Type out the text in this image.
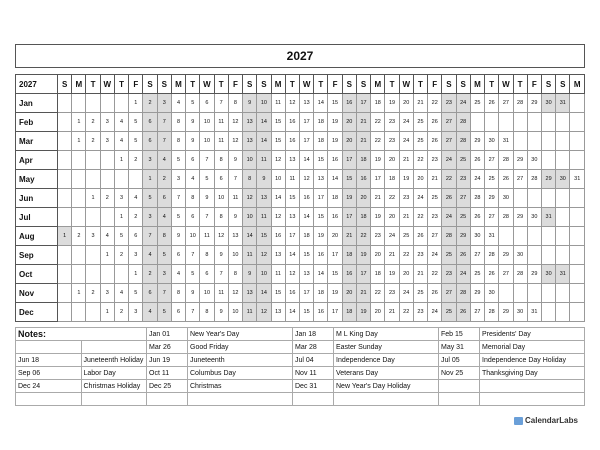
2027
2027	S	M	T	W	T	F	S	S	M	T	W	T	F	S	S	M	T	W	T	F	S	S	M	T	W	T	F	S	S	M	T	W	T	F	S	S	M
Jan						1	2	3	4	5	6	7	8	9	10	11	12	13	14	15	16	17	18	19	20	21	22	23	24	25	26	27	28	29	30	31	
Feb		1	2	3	4	5	6	7	8	9	10	11	12	13	14	15	16	17	18	19	20	21	22	23	24	25	26	27	28								
Mar		1	2	3	4	5	6	7	8	9	10	11	12	13	14	15	16	17	18	19	20	21	22	23	24	25	26	27	28	29	30	31					
Apr					1	2	3	4	5	6	7	8	9	10	11	12	13	14	15	16	17	18	19	20	21	22	23	24	25	26	27	28	29	30			
May							1	2	3	4	5	6	7	8	9	10	11	12	13	14	15	16	17	18	19	20	21	22	23	24	25	26	27	28	29	30	31
Jun			1	2	3	4	5	6	7	8	9	10	11	12	13	14	15	16	17	18	19	20	21	22	23	24	25	26	27	28	29	30					
Jul					1	2	3	4	5	6	7	8	9	10	11	12	13	14	15	16	17	18	19	20	21	22	23	24	25	26	27	28	29	30	31		
Aug	1	2	3	4	5	6	7	8	9	10	11	12	13	14	15	16	17	18	19	20	21	22	23	24	25	26	27	28	29	30	31						
Sep				1	2	3	4	5	6	7	8	9	10	11	12	13	14	15	16	17	18	19	20	21	22	23	24	25	26	27	28	29	30				
Oct						1	2	3	4	5	6	7	8	9	10	11	12	13	14	15	16	17	18	19	20	21	22	23	24	25	26	27	28	29	30	31	
Nov		1	2	3	4	5	6	7	8	9	10	11	12	13	14	15	16	17	18	19	20	21	22	23	24	25	26	27	28	29	30						
Dec				1	2	3	4	5	6	7	8	9	10	11	12	13	14	15	16	17	18	19	20	21	22	23	24	25	26	27	28	29	30	31			
Notes:		Jan 01	New Year's Day	Jan 18	M L King Day	Feb 15	Presidents' Day
		Mar 26	Good Friday	Mar 28	Easter Sunday	May 31	Memorial Day
Jun 18	Juneteenth Holiday	Jun 19	Juneteenth	Jul 04	Independence Day	Jul 05	Independence Day Holiday
Sep 06	Labor Day	Oct 11	Columbus Day	Nov 11	Veterans Day	Nov 25	Thanksgiving Day
Dec 24	Christmas Holiday	Dec 25	Christmas	Dec 31	New Year's Day Holiday		

CalendarLabs
